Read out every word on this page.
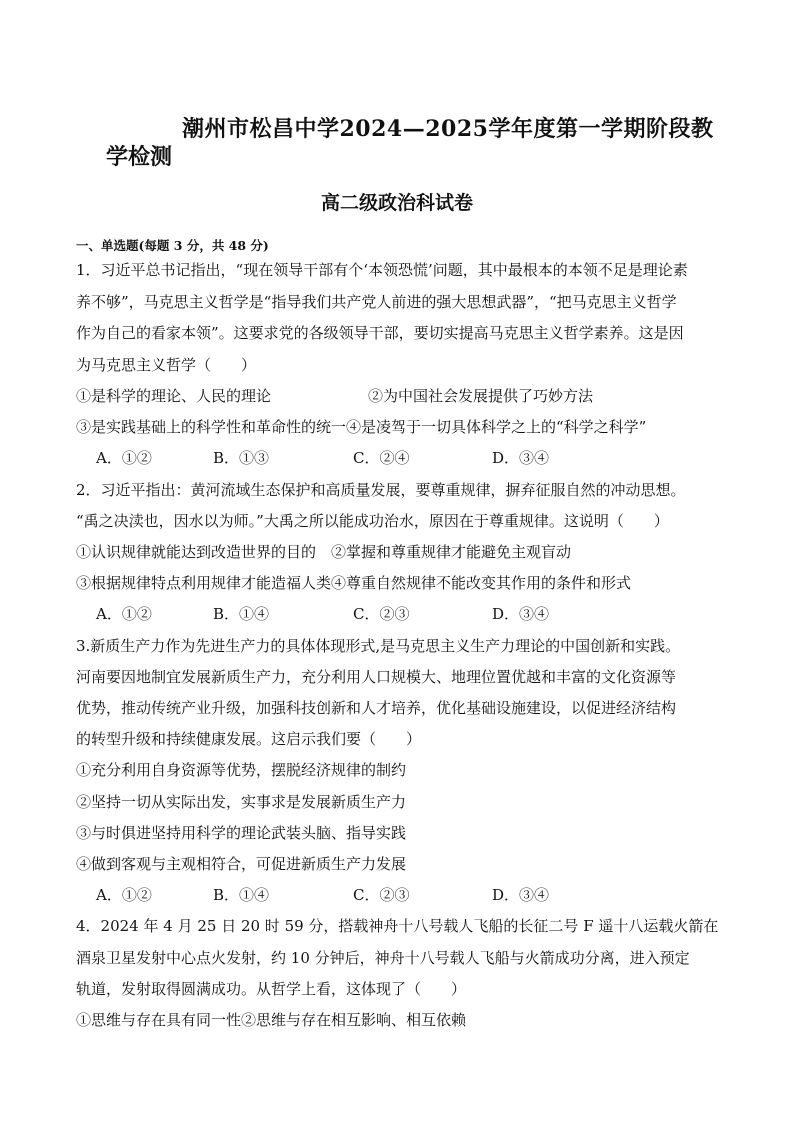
潮州市松昌中学2024—2025学年度第一学期阶段教
学检测
高二级政治科试卷
一、单选题(每题 3 分，共 48 分)
1．习近平总书记指出，“现在领导干部有个‘本领恐慌’问题，其中最根本的本领不足是理论素
养不够”，马克思主义哲学是“指导我们共产党人前进的强大思想武器”，“把马克思主义哲学
作为自己的看家本领”。这要求党的各级领导干部，要切实提高马克思主义哲学素养。这是因
为马克思主义哲学（　　）
①是科学的理论、人民的理论	②为中国社会发展提供了巧妙方法
③是实践基础上的科学性和革命性的统一④是凌驾于一切具体科学之上的“科学之科学”
A．①②	B．①③	C．②④	D．③④
2．习近平指出：黄河流域生态保护和高质量发展，要尊重规律，摒弃征服自然的冲动思想。
“禹之决渎也，因水以为师。”大禹之所以能成功治水，原因在于尊重规律。这说明（　　）
①认识规律就能达到改造世界的目的　②掌握和尊重规律才能避免主观盲动
③根据规律特点利用规律才能造福人类④尊重自然规律不能改变其作用的条件和形式
A．①②	B．①④	C．②③	D．③④
3.新质生产力作为先进生产力的具体体现形式,是马克思主义生产力理论的中国创新和实践。
河南要因地制宜发展新质生产力，充分利用人口规模大、地理位置优越和丰富的文化资源等
优势，推动传统产业升级，加强科技创新和人才培养，优化基础设施建设，以促进经济结构
的转型升级和持续健康发展。这启示我们要（　　）
①充分利用自身资源等优势，摆脱经济规律的制约
②坚持一切从实际出发，实事求是发展新质生产力
③与时俱进坚持用科学的理论武装头脑、指导实践
④做到客观与主观相符合，可促进新质生产力发展
A．①②	B．①④	C．②③	D．③④
4．2024 年 4 月 25 日 20 时 59 分，搭载神舟十八号载人飞船的长征二号 F 遥十八运载火箭在
酒泉卫星发射中心点火发射，约 10 分钟后，神舟十八号载人飞船与火箭成功分离，进入预定
轨道，发射取得圆满成功。从哲学上看，这体现了（　　）
①思维与存在具有同一性②思维与存在相互影响、相互依赖
